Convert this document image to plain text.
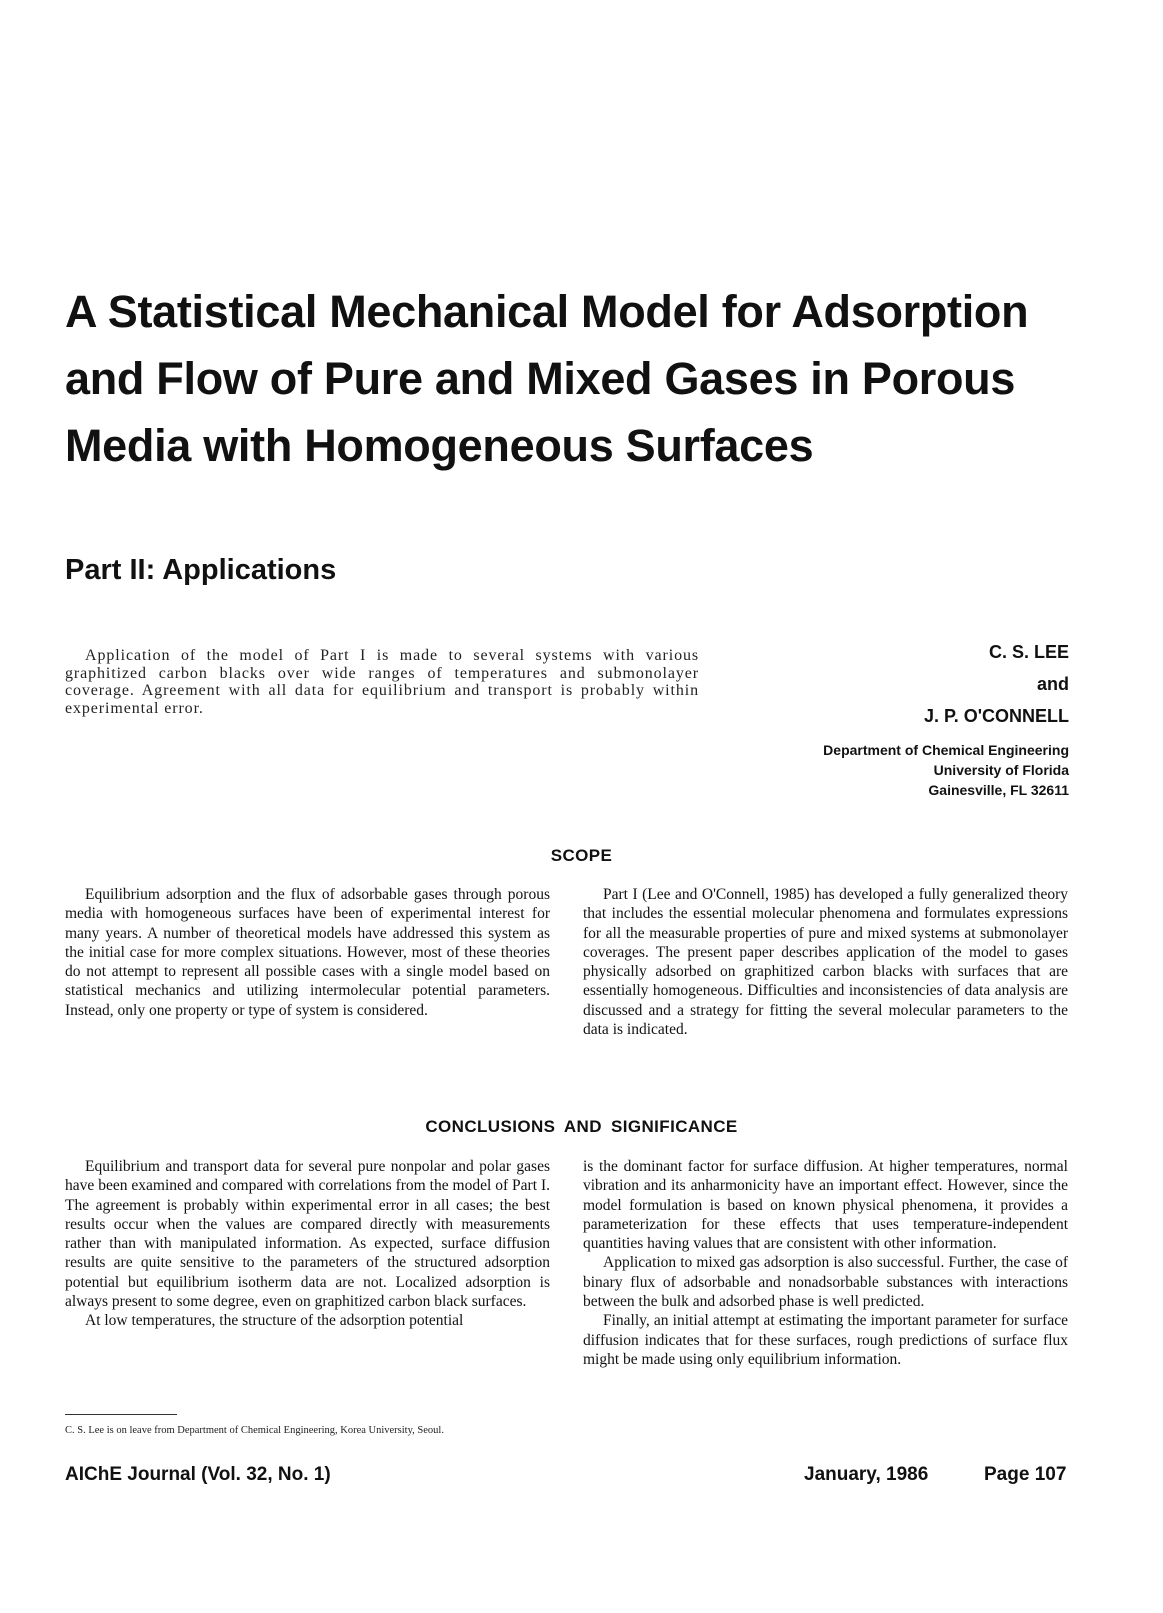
A Statistical Mechanical Model for Adsorption
and Flow of Pure and Mixed Gases in Porous
Media with Homogeneous Surfaces
Part II: Applications

Application of the model of Part I is made to several systems with various graphitized carbon blacks over wide ranges of temperatures and submonolayer coverage. Agreement with all data for equilibrium and transport is probably within experimental error.

C. S. LEE
and
J. P. O'CONNELL
Department of Chemical Engineering
University of Florida
Gainesville, FL 32611
SCOPE

Equilibrium adsorption and the flux of adsorbable gases through porous media with homogeneous surfaces have been of experimental interest for many years. A number of theoretical models have addressed this system as the initial case for more complex situations. However, most of these theories do not attempt to represent all possible cases with a single model based on statistical mechanics and utilizing intermolecular potential parameters. Instead, only one property or type of system is considered.

Part I (Lee and O'Connell, 1985) has developed a fully generalized theory that includes the essential molecular phenomena and formulates expressions for all the measurable properties of pure and mixed systems at submonolayer coverages. The present paper describes application of the model to gases physically adsorbed on graphitized carbon blacks with surfaces that are essentially homogeneous. Difficulties and inconsistencies of data analysis are discussed and a strategy for fitting the several molecular parameters to the data is indicated.

CONCLUSIONS AND SIGNIFICANCE

Equilibrium and transport data for several pure nonpolar and polar gases have been examined and compared with correlations from the model of Part I. The agreement is probably within experimental error in all cases; the best results occur when the values are compared directly with measurements rather than with manipulated information. As expected, surface diffusion results are quite sensitive to the parameters of the structured adsorption potential but equilibrium isotherm data are not. Localized adsorption is always present to some degree, even on graphitized carbon black surfaces.

At low temperatures, the structure of the adsorption potential

is the dominant factor for surface diffusion. At higher temperatures, normal vibration and its anharmonicity have an important effect. However, since the model formulation is based on known physical phenomena, it provides a parameterization for these effects that uses temperature-independent quantities having values that are consistent with other information.

Application to mixed gas adsorption is also successful. Further, the case of binary flux of adsorbable and nonadsorbable substances with interactions between the bulk and adsorbed phase is well predicted.

Finally, an initial attempt at estimating the important parameter for surface diffusion indicates that for these surfaces, rough predictions of surface flux might be made using only equilibrium information.

C. S. Lee is on leave from Department of Chemical Engineering, Korea University, Seoul.

AIChE Journal (Vol. 32, No. 1)	January, 1986	Page 107
